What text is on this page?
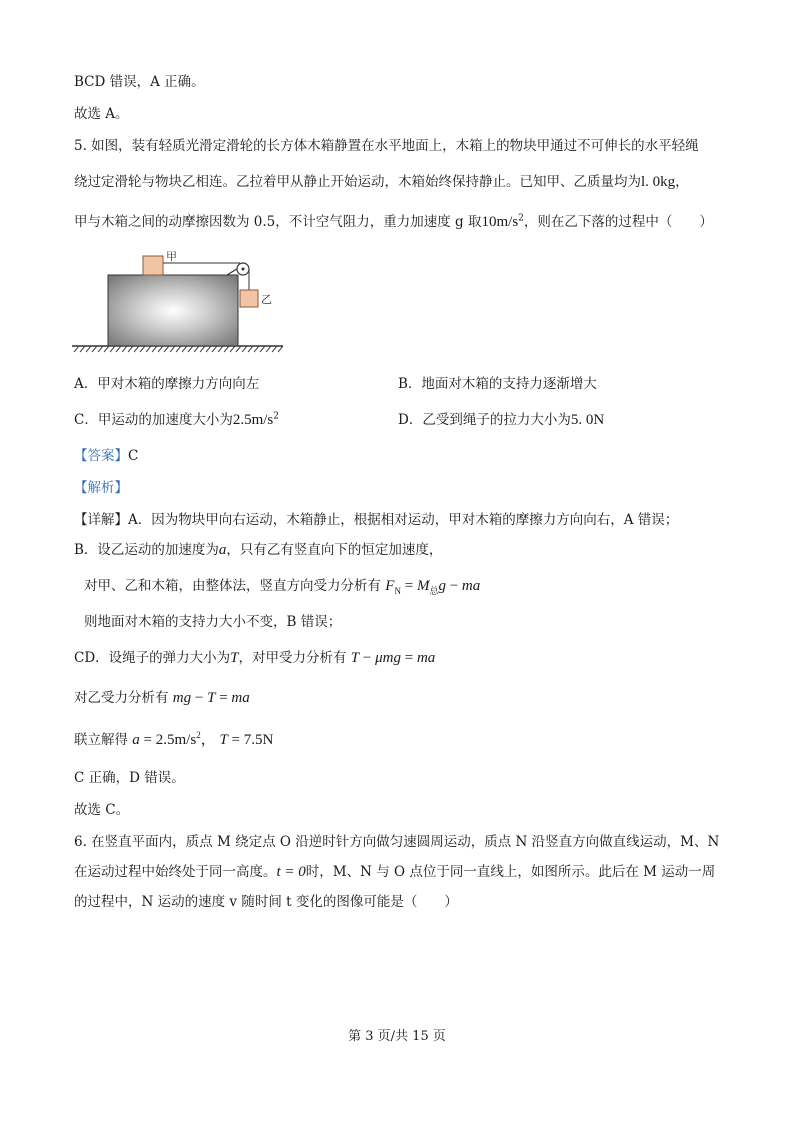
BCD 错误，A 正确。
故选 A。
5. 如图，装有轻质光滑定滑轮的长方体木箱静置在水平地面上，木箱上的物块甲通过不可伸长的水平轻绳
绕过定滑轮与物块乙相连。乙拉着甲从静止开始运动，木箱始终保持静止。已知甲、乙质量均为l. 0kg，
甲与木箱之间的动摩擦因数为 0.5，不计空气阻力，重力加速度 g 取$10m/s^2$，则在乙下落的过程中（　　）
甲
乙
A．甲对木箱的摩擦力方向向左	B．地面对木箱的支持力逐渐增大
C．甲运动的加速度大小为$2.5m/s^2$	D．乙受到绳子的拉力大小为5. 0N
【答案】C
【解析】
【详解】A．因为物块甲向右运动，木箱静止，根据相对运动，甲对木箱的摩擦力方向向右，A 错误；
B．设乙运动的加速度为a，只有乙有竖直向下的恒定加速度，
对甲、乙和木箱，由整体法，竖直方向受力分析有 $F_N = M_总g$ − ma
则地面对木箱的支持力大小不变，B 错误；
CD．设绳子的弹力大小为T，对甲受力分析有 T − μmg = ma
对乙受力分析有 mg − T = ma
联立解得 $a = 2.5m/s^2$， T = 7.5N
C 正确，D 错误。
故选 C。
6. 在竖直平面内，质点 M 绕定点 O 沿逆时针方向做匀速圆周运动，质点 N 沿竖直方向做直线运动，M、N
在运动过程中始终处于同一高度。t = 0时，M、N 与 O 点位于同一直线上，如图所示。此后在 M 运动一周
的过程中，N 运动的速度 v 随时间 t 变化的图像可能是（　　）
第 3 页/共 15 页
